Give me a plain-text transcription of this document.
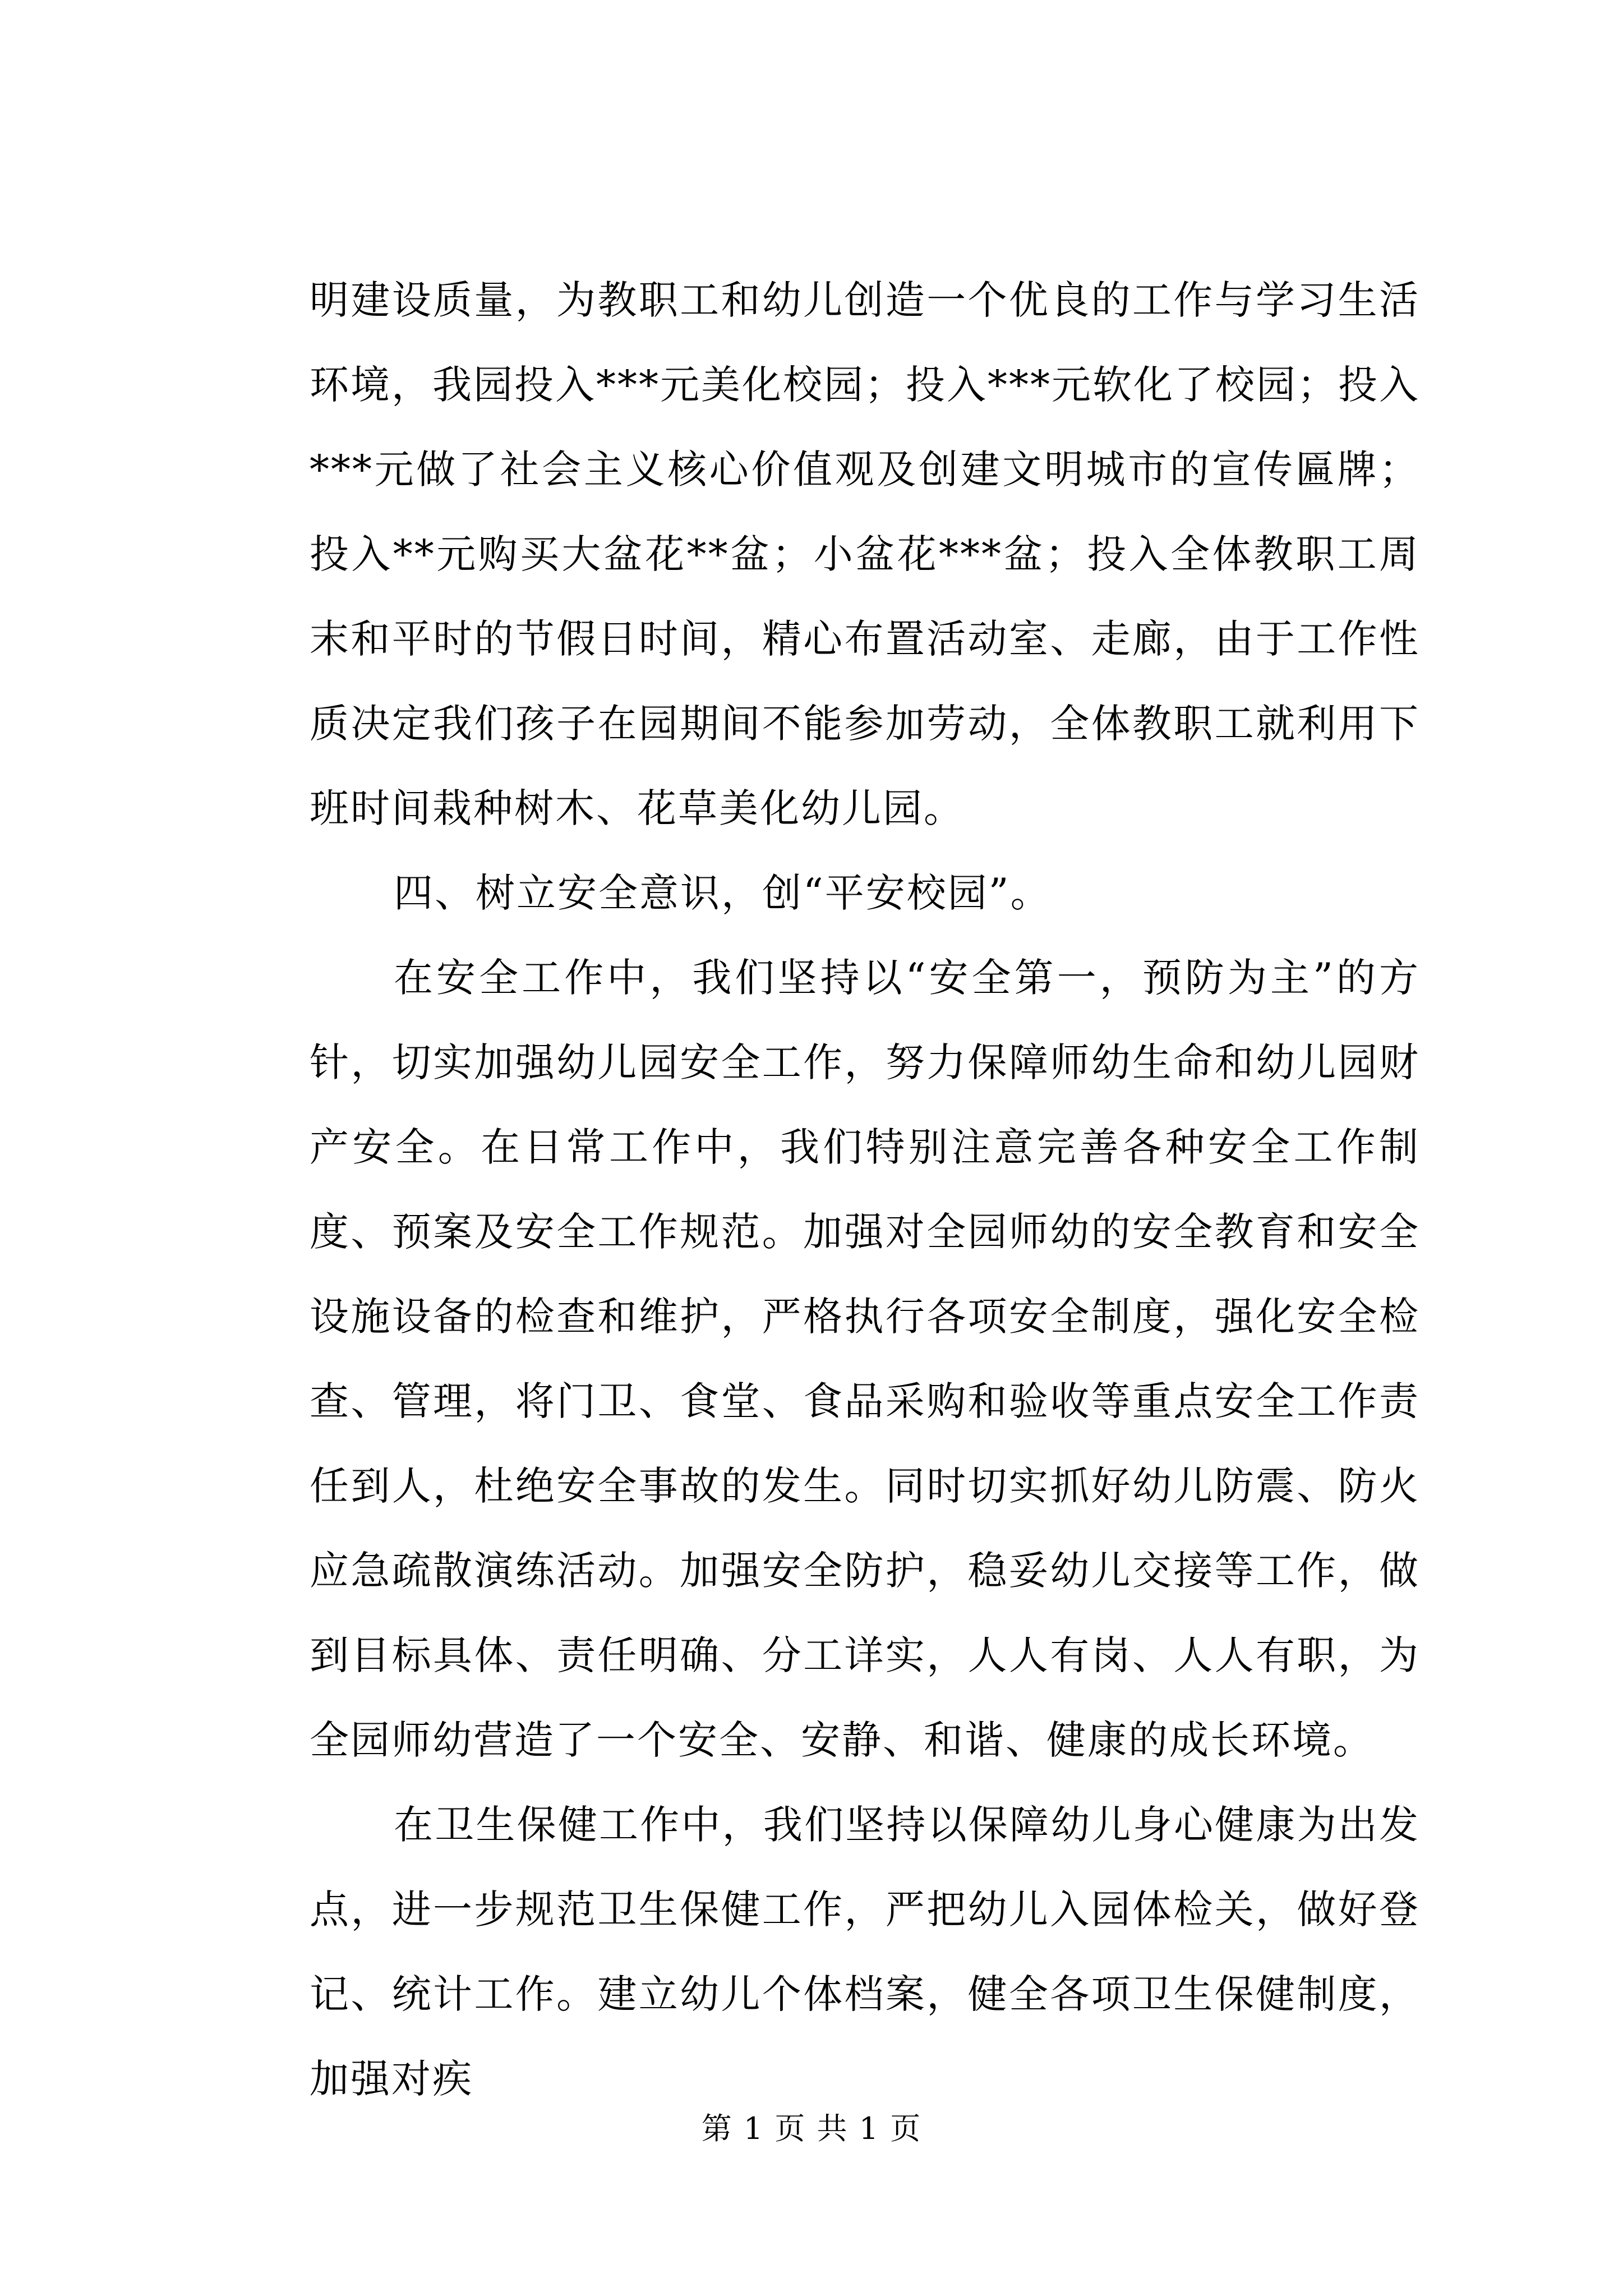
明建设质量，为教职工和幼儿创造一个优良的工作与学习生活环境，我园投入***元美化校园；投入***元软化了校园；投入***元做了社会主义核心价值观及创建文明城市的宣传匾牌；投入**元购买大盆花**盆；小盆花***盆；投入全体教职工周末和平时的节假日时间，精心布置活动室、走廊，由于工作性质决定我们孩子在园期间不能参加劳动，全体教职工就利用下班时间栽种树木、花草美化幼儿园。

四、树立安全意识，创“平安校园”。

在安全工作中，我们坚持以“安全第一，预防为主”的方针，切实加强幼儿园安全工作，努力保障师幼生命和幼儿园财产安全。在日常工作中，我们特别注意完善各种安全工作制度、预案及安全工作规范。加强对全园师幼的安全教育和安全设施设备的检查和维护，严格执行各项安全制度，强化安全检查、管理，将门卫、食堂、食品采购和验收等重点安全工作责任到人，杜绝安全事故的发生。同时切实抓好幼儿防震、防火应急疏散演练活动。加强安全防护，稳妥幼儿交接等工作，做到目标具体、责任明确、分工详实，人人有岗、人人有职，为全园师幼营造了一个安全、安静、和谐、健康的成长环境。

在卫生保健工作中，我们坚持以保障幼儿身心健康为出发点，进一步规范卫生保健工作，严把幼儿入园体检关，做好登记、统计工作。建立幼儿个体档案，健全各项卫生保健制度，加强对疾

第 1 页 共 1 页
